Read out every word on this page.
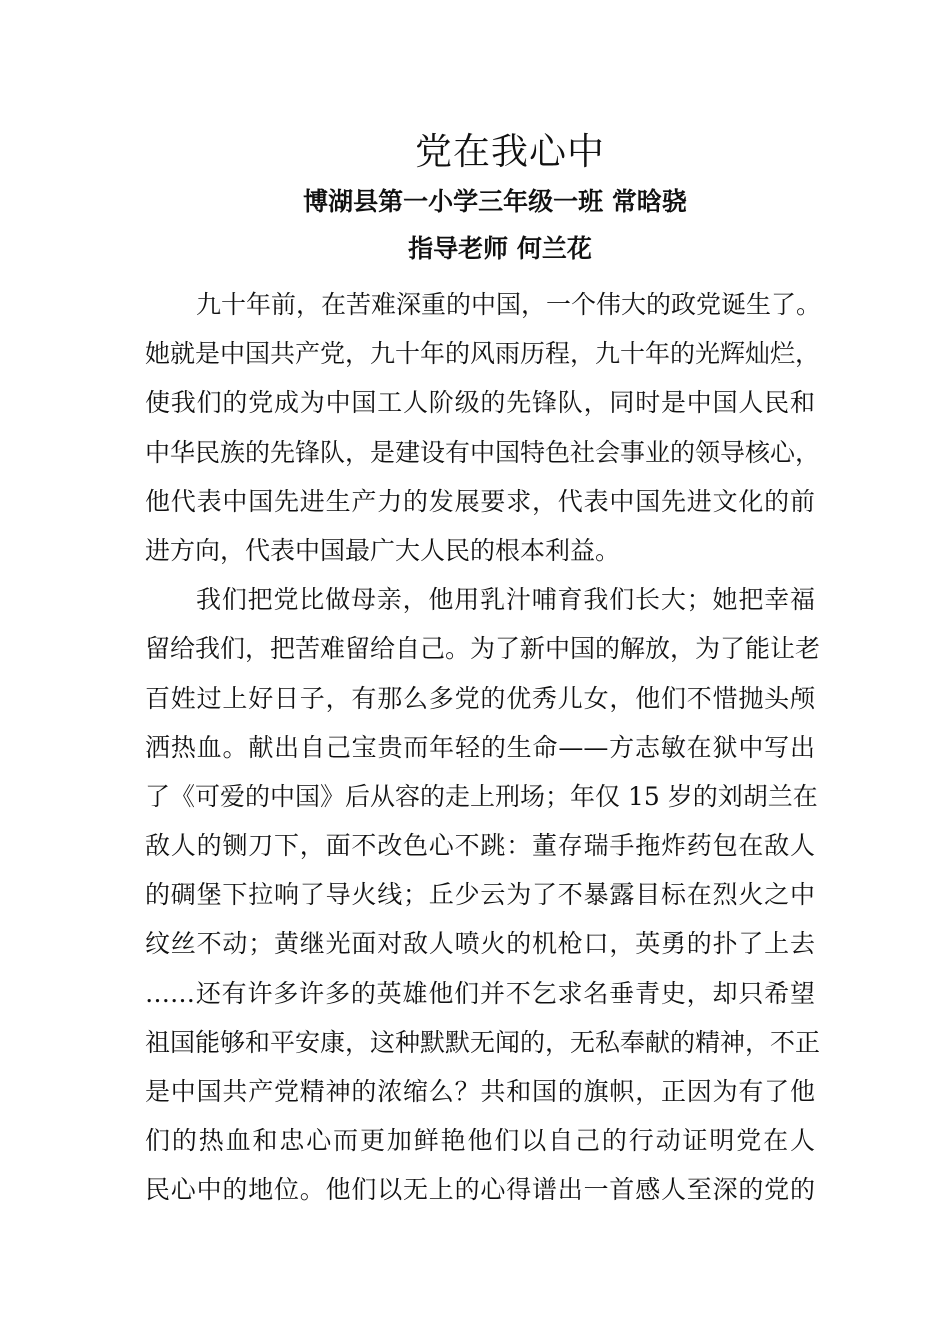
党在我心中
博湖县第一小学三年级一班 常晗骁
指导老师 何兰花
九十年前，在苦难深重的中国，一个伟大的政党诞生了。
她就是中国共产党，九十年的风雨历程，九十年的光辉灿烂，
使我们的党成为中国工人阶级的先锋队，同时是中国人民和
中华民族的先锋队，是建设有中国特色社会事业的领导核心，
他代表中国先进生产力的发展要求，代表中国先进文化的前
进方向，代表中国最广大人民的根本利益。
我们把党比做母亲，他用乳汁哺育我们长大；她把幸福
留给我们，把苦难留给自己。为了新中国的解放，为了能让老
百姓过上好日子，有那么多党的优秀儿女，他们不惜抛头颅
洒热血。献出自己宝贵而年轻的生命——方志敏在狱中写出
了《可爱的中国》后从容的走上刑场；年仅 15 岁的刘胡兰在
敌人的铡刀下，面不改色心不跳：董存瑞手拖炸药包在敌人
的碉堡下拉响了导火线；丘少云为了不暴露目标在烈火之中
纹丝不动；黄继光面对敌人喷火的机枪口，英勇的扑了上去
……还有许多许多的英雄他们并不乞求名垂青史，却只希望
祖国能够和平安康，这种默默无闻的，无私奉献的精神，不正
是中国共产党精神的浓缩么？共和国的旗帜，正因为有了他
们的热血和忠心而更加鲜艳他们以自己的行动证明党在人
民心中的地位。他们以无上的心得谱出一首感人至深的党的
